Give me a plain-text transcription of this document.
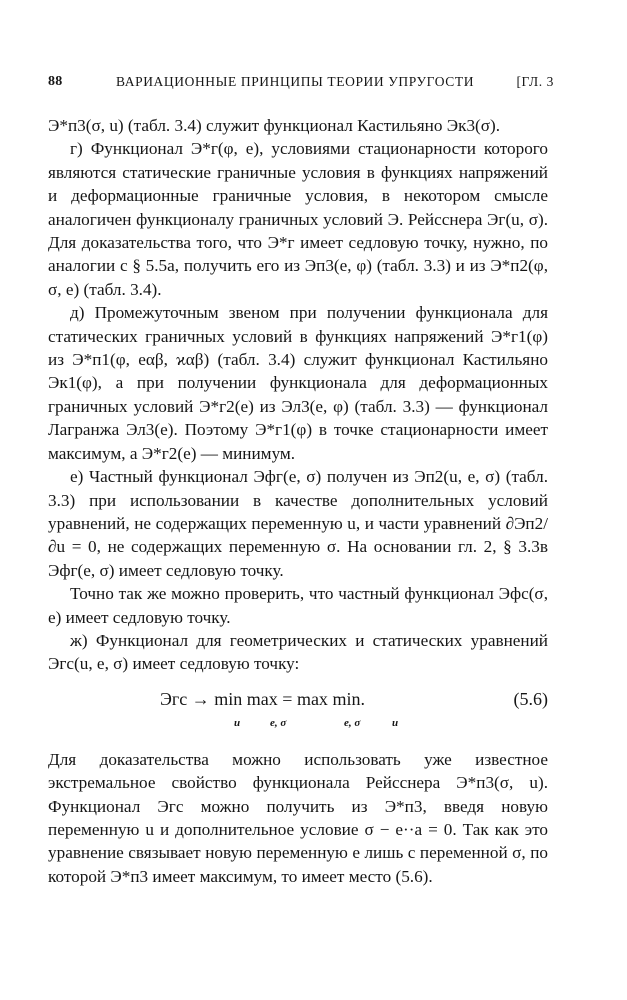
88	ВАРИАЦИОННЫЕ ПРИНЦИПЫ ТЕОРИИ УПРУГОСТИ	[ГЛ. 3

Э*п3(σ, u) (табл. 3.4) служит функционал Кастильяно Эк3(σ).

г) Функционал Э*г(φ, e), условиями стационарности которого являются статические граничные условия в функциях напряжений и деформационные граничные условия, в некотором смысле аналогичен функционалу граничных условий Э. Рейсснера Эг(u, σ). Для доказательства того, что Э*г имеет седловую точку, нужно, по аналогии с § 5.5а, получить его из Эп3(e, φ) (табл. 3.3) и из Э*п2(φ, σ, e) (табл. 3.4).

д) Промежуточным звеном при получении функционала для статических граничных условий в функциях напряжений Э*г1(φ) из Э*п1(φ, eαβ, ϰαβ) (табл. 3.4) служит функционал Кастильяно Эк1(φ), а при получении функционала для деформационных граничных условий Э*г2(e) из Эл3(e, φ) (табл. 3.3) — функционал Лагранжа Эл3(e). Поэтому Э*г1(φ) в точке стационарности имеет максимум, а Э*г2(e) — минимум.

е) Частный функционал Эфг(e, σ) получен из Эп2(u, e, σ) (табл. 3.3) при использовании в качестве дополнительных условий уравнений, не содержащих переменную u, и части уравнений ∂Эп2/∂u = 0, не содержащих переменную σ. На основании гл. 2, § 3.3в Эфг(e, σ) имеет седловую точку.

Точно так же можно проверить, что частный функционал Эфс(σ, e) имеет седловую точку.

ж) Функционал для геометрических и статических уравнений Эгс(u, e, σ) имеет седловую точку:

Эгс → min max = max min.
u	e, σ	e, σ	u
(5.6)

Для доказательства можно использовать уже известное экстремальное свойство функционала Рейсснера Э*п3(σ, u). Функционал Эгс можно получить из Э*п3, введя новую переменную u и дополнительное условие σ − e··a = 0. Так как это уравнение связывает новую переменную e лишь с переменной σ, по которой Э*п3 имеет максимум, то имеет место (5.6).
